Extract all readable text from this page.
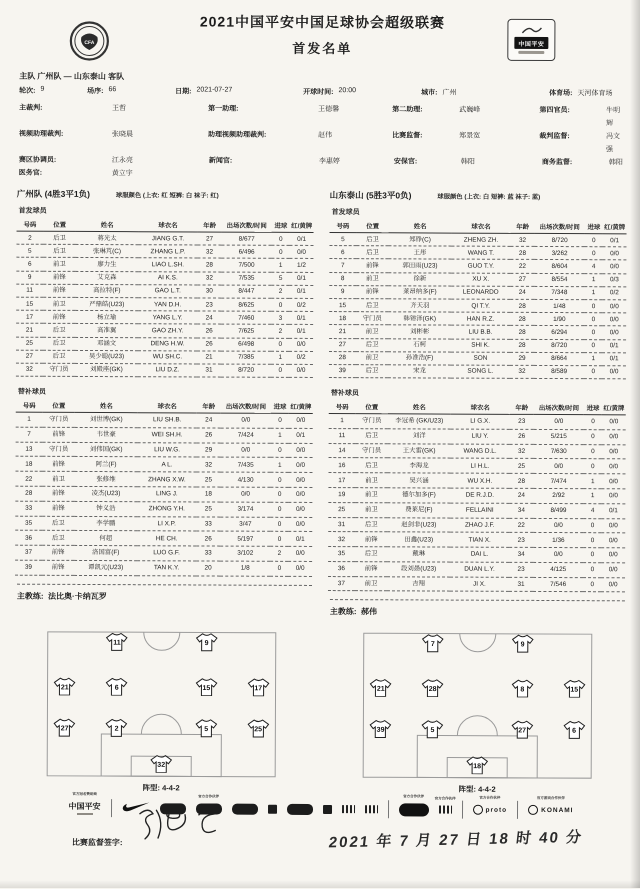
CFA
2021中国平安中国足球协会超级联赛
首发名单	中国平安
主队 广州队 — 山东泰山 客队
轮次: 9	场序: 66	日期: 2021-07-27	开球时间: 20:00	城市: 广州	体育场: 天河体育场
主裁判:	王哲	第一助理:	王德馨	第二助理:	武巍峰	第四官员:	牛明辉
视频助理裁判:	张晓晨	助理视频助理裁判:	赵伟	比赛监督:	郑景宽	裁判监督:	冯文强
赛区协调员:	江永亮	新闻官:	李惠婷	安保官:	韩阳	商务监督:	韩阳
医务官:	黄立宇
广州队
(4胜3平1负)	球服颜色 (上衣: 红 短裤: 白 袜子: 红)
首发球员
号码	位置	姓名	球衣名	年龄	出场次数/时间	进球	红/黄牌
2	后卫	蒋光太	JIANG G.T.	27	8/677	0	0/1
5	后卫	张琳芃(C)	ZHANG L.P.	32	6/496	0	0/0
6	前卫	廖力生	LIAO L.SH.	28	7/500	1	1/2
9	前锋	艾克森	AI K.S.	32	7/535	5	0/1
11	前锋	高拉特(F)	GAO L.T.	30	8/447	2	0/1
15	前卫	严鼎皓(U23)	YAN D.H.	23	8/625	0	0/2
17	前锋	杨立瑜	YANG L.Y.	24	7/460	3	0/1
21	后卫	高准翼	GAO ZH.Y.	26	7/625	2	0/1
25	后卫	邓涵文	DENG H.W.	26	6/498	0	0/0
27	后卫	吴少聪(U23)	WU SH.C.	21	7/385	1	0/2
32	守门员	刘殿座(GK)	LIU D.Z.	31	8/720	0	0/0
替补球员
号码	位置	姓名	球衣名	年龄	出场次数/时间	进球	红/黄牌
1	守门员	刘世博(GK)	LIU SH.B.	24	0/0	0	0/0
7	前锋	韦世豪	WEI SH.H.	26	7/424	1	0/1
13	守门员	刘伟国(GK)	LIU W.G.	29	0/0	0	0/0
18	前锋	阿兰(F)	A L.	32	7/435	1	0/0
22	前卫	张修维	ZHANG X.W.	25	4/130	0	0/0
28	前锋	凌杰(U23)	LING J.	18	0/0	0	0/0
33	前锋	钟义浩	ZHONG Y.H.	25	3/174	0	0/0
35	后卫	李学鹏	LI X.P.	33	3/47	0	0/0
36	后卫	何超	HE CH.	26	5/197	0	0/1
37	前锋	洛国富(F)	LUO G.F.	33	3/102	2	0/0
39	前锋	谭凯元(U23)	TAN K.Y.	20	1/8	0	0/0
主教练: 法比奥·卡纳瓦罗
山东泰山
(5胜3平0负)	球服颜色 (上衣: 白 短裤: 蓝 袜子: 蓝)
首发球员
号码	位置	姓名	球衣名	年龄	出场次数/时间	进球	红/黄牌
5	后卫	郑铮(C)	ZHENG ZH.	32	8/720	0	0/1
6	后卫	王彤	WANG T.	28	3/262	0	0/0
7	前锋	郭田雨(U23)	GUO T.Y.	22	8/604	4	0/0
8	前卫	徐新	XU X.	27	8/554	1	0/3
9	前锋	莱昂纳多(F)	LEONARDO	24	7/348	1	0/2
15	后卫	齐天羽	QI T.Y.	28	1/48	0	0/0
18	守门员	韩镕泽(GK)	HAN R.Z.	28	1/90	0	0/0
21	前卫	刘彬彬	LIU B.B.	28	6/294	0	0/0
27	后卫	石柯	SHI K.	28	8/720	0	0/1
28	前卫	孙准浩(F)	SON	29	8/664	1	0/1
39	后卫	宋龙	SONG L.	32	8/589	0	0/0
替补球员
号码	位置	姓名	球衣名	年龄	出场次数/时间	进球	红/黄牌
1	守门员	李冠希 (GK/U23)	LI G.X.	23	0/0	0	0/0
11	后卫	刘洋	LIU Y.	26	5/215	0	0/0
14	守门员	王大雷(GK)	WANG D.L.	32	7/630	0	0/0
16	后卫	李海龙	LI H.L.	25	0/0	0	0/0
17	前卫	吴兴涵	WU X.H.	28	7/474	1	0/0
19	前卫	德尔加多(F)	DE R.J.D.	24	2/92	1	0/0
25	前卫	费莱尼(F)	FELLAINI	34	8/499	4	0/1
31	后卫	赵剑非(U23)	ZHAO J.F.	22	0/0	0	0/0
32	前锋	田鑫(U23)	TIAN X.	23	1/36	0	0/0
35	后卫	戴琳	DAI L.	34	0/0	0	0/0
36	前锋	段刘愚(U23)	DUAN L.Y.	23	4/125	0	0/0
37	前卫	吉翔	JI X.	31	7/546	0	0/0
主教练: 郝伟
11	9
21	6	15	17
27	2	5	25
32
阵型: 4-4-2
7	9
21	28	8	15
39	5	27	6
18
阵型: 4-4-2
比赛监督签字:	2021 年 7 月 27 日 18 时 40 分
官方冠名赞助商
中国平安
官方合作伙伴	官方合作伙伴
官方合作伙伴	官方合作伙伴
proto
官方游戏合作伙伴
KONAMI
